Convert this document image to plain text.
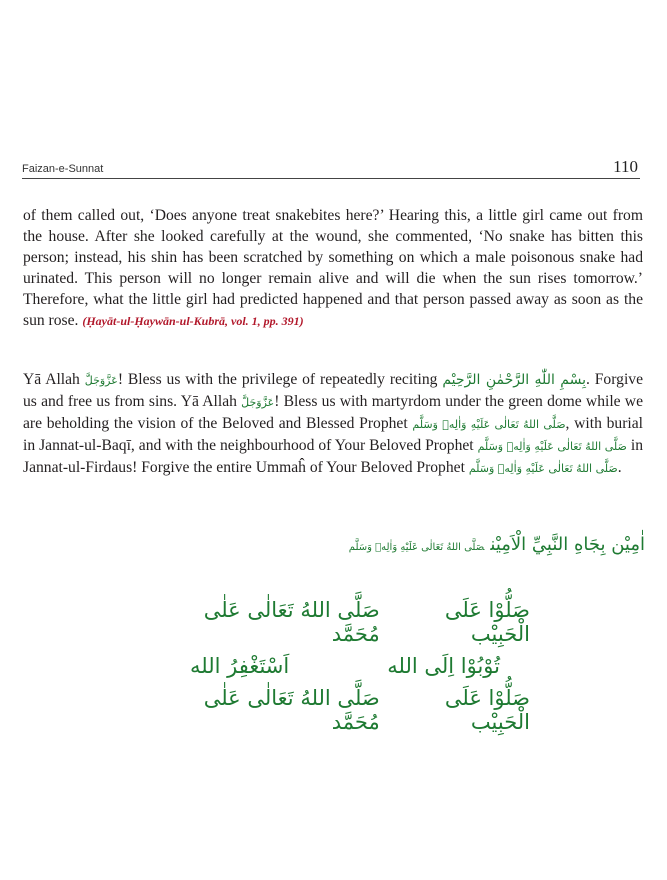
Faizan-e-Sunnat	110

of them called out, ‘Does anyone treat snakebites here?’ Hearing this, a little girl came out from the house. After she looked carefully at the wound, she commented, ‘No snake has bitten this person; instead, his shin has been scratched by something on which a male poisonous snake had urinated. This person will no longer remain alive and will die when the sun rises tomorrow.’ Therefore, what the little girl had predicted happened and that person passed away as soon as the sun rose. (Ḥayāt-ul-Ḥaywān-ul-Kubrā, vol. 1, pp. 391)

Yā Allah عَزَّوَجَلَّ! Bless us with the privilege of repeatedly reciting بِسْمِ اللّٰهِ الرَّحْمٰنِ الرَّحِيْم. Forgive us and free us from sins. Yā Allah عَزَّوَجَلَّ! Bless us with martyrdom under the green dome while we are beholding the vision of the Beloved and Blessed Prophet صَلَّى اللهُ تَعَالٰى عَلَيْهِ وَاٰلِهٖ وَسَلَّم, with burial in Jannat-ul-Baqī, and with the neighbourhood of Your Beloved Prophet صَلَّى اللهُ تَعَالٰى عَلَيْهِ وَاٰلِهٖ وَسَلَّم in Jannat-ul-Firdaus! Forgive the entire Ummaĥ of Your Beloved Prophet صَلَّى اللهُ تَعَالٰى عَلَيْهِ وَاٰلِهٖ وَسَلَّم.

اٰمِيْن بِجَاهِ النَّبِيِّ الْاَمِيْنصَلَّى اللهُ تَعَالٰى عَلَيْهِ وَاٰلِهٖ وَسَلَّم
صَلُّوْا عَلَى الْحَبِيْب
صَلَّى اللهُ تَعَالٰى عَلٰى مُحَمَّد
تُوْبُوْا اِلَى الله
اَسْتَغْفِرُ الله
صَلُّوْا عَلَى الْحَبِيْب
صَلَّى اللهُ تَعَالٰى عَلٰى مُحَمَّد
